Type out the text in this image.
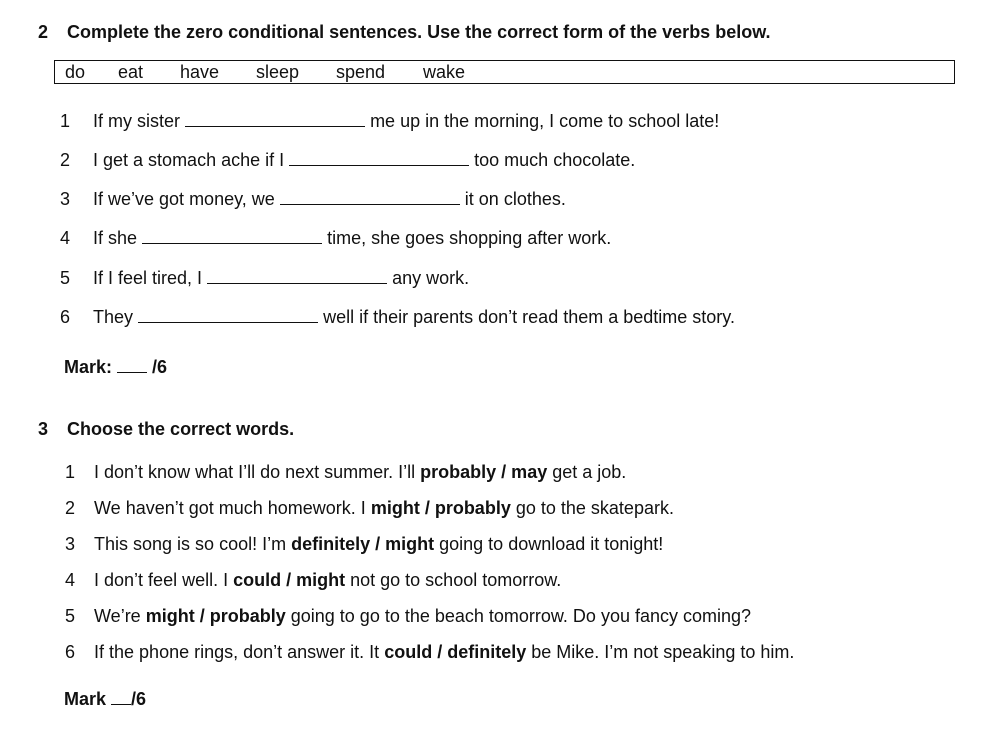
2 Complete the zero conditional sentences. Use the correct form of the verbs below.
do eat have sleep spend wake
1 If my sister	me up in the morning, I come to school late!
2 I get a stomach ache if I	too much chocolate.
3 If we’ve got money, we	it on clothes.
4 If she	time, she goes shopping after work.
5 If I feel tired, I	any work.
6 They	well if their parents don’t read them a bedtime story.
Mark: /6
3 Choose the correct words.
1 I don’t know what I’ll do next summer. I’ll probably / may get a job.
2 We haven’t got much homework. I might / probably go to the skatepark.
3 This song is so cool! I’m definitely / might going to download it tonight!
4 I don’t feel well. I could / might not go to school tomorrow.
5 We’re might / probably going to go to the beach tomorrow. Do you fancy coming?
6 If the phone rings, don’t answer it. It could / definitely be Mike. I’m not speaking to him.
Mark /6
